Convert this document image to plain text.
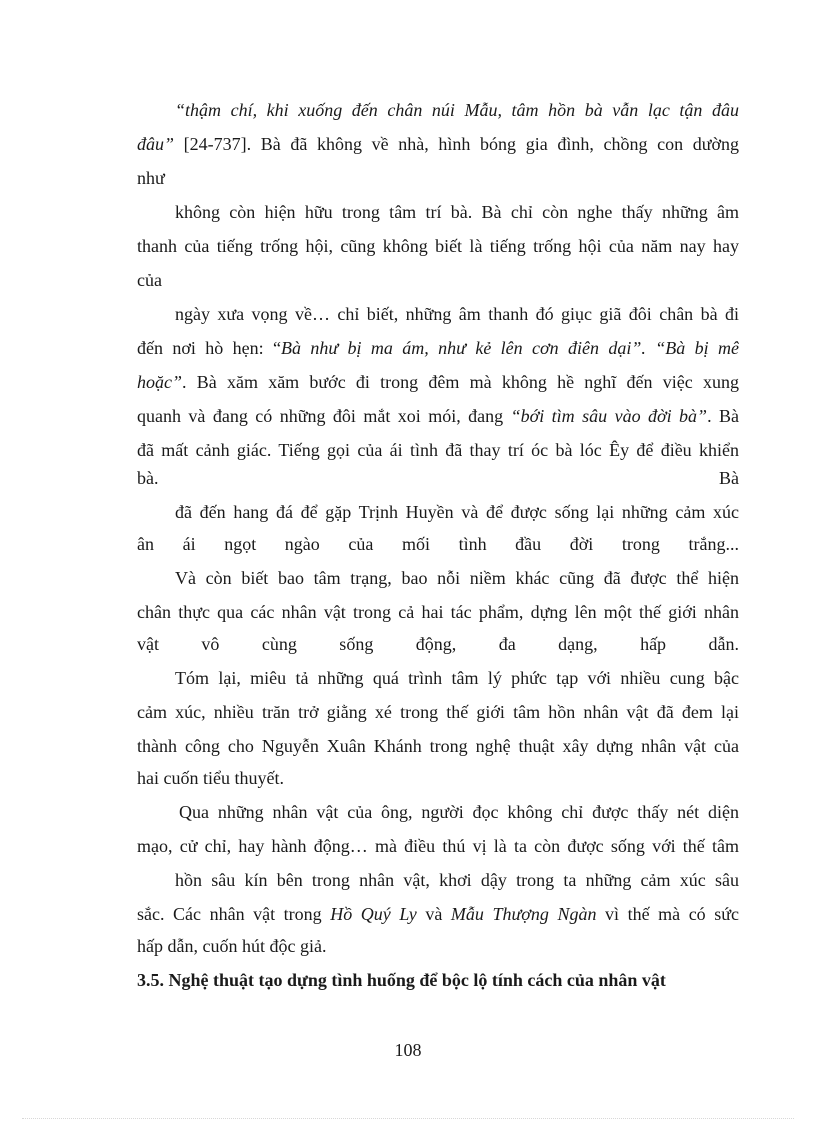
“thậm chí, khi xuống đến chân núi Mẫu, tâm hồn bà vẫn lạc tận đâu
đâu” [24-737]. Bà đã không về nhà, hình bóng gia đình, chồng con dường
như
không còn hiện hữu trong tâm trí bà. Bà chỉ còn nghe thấy những âm
thanh của tiếng trống hội, cũng không biết là tiếng trống hội của năm nay hay
của
ngày xưa vọng về… chỉ biết, những âm thanh đó giục giã đôi chân bà đi
đến nơi hò hẹn: “Bà như bị ma ám, như kẻ lên cơn điên dại”. “Bà bị mê
hoặc”. Bà xăm xăm bước đi trong đêm mà không hề nghĩ đến việc xung
quanh và đang có những đôi mắt xoi mói, đang “bới tìm sâu vào đời bà”. Bà
đã mất cảnh giác. Tiếng gọi của ái tình đã thay trí óc bà lóc Êy để điều khiển
bà.	Bà
đã đến hang đá để gặp Trịnh Huyền và để được sống lại những cảm xúc
ân ái ngọt ngào của mối tình đầu đời trong trắng...
Và còn biết bao tâm trạng, bao nỗi niềm khác cũng đã được thể hiện
chân thực qua các nhân vật trong cả hai tác phẩm, dựng lên một thế giới nhân
vật vô cùng sống động, đa dạng, hấp dẫn.
Tóm lại, miêu tả những quá trình tâm lý phức tạp với nhiều cung bậc
cảm xúc, nhiều trăn trở giằng xé trong thế giới tâm hồn nhân vật đã đem lại
thành công cho Nguyễn Xuân Khánh trong nghệ thuật xây dựng nhân vật của
hai cuốn tiểu thuyết.
Qua những nhân vật của ông, người đọc không chỉ được thấy nét diện
mạo, cử chỉ, hay hành động… mà điều thú vị là ta còn được sống với thế tâm
hồn sâu kín bên trong nhân vật, khơi dậy trong ta những cảm xúc sâu
sắc. Các nhân vật trong Hồ Quý Ly và Mẫu Thượng Ngàn vì thế mà có sức
hấp dẫn, cuốn hút độc giả.
3.5. Nghệ thuật tạo dựng tình huống để bộc lộ tính cách của nhân vật
108
